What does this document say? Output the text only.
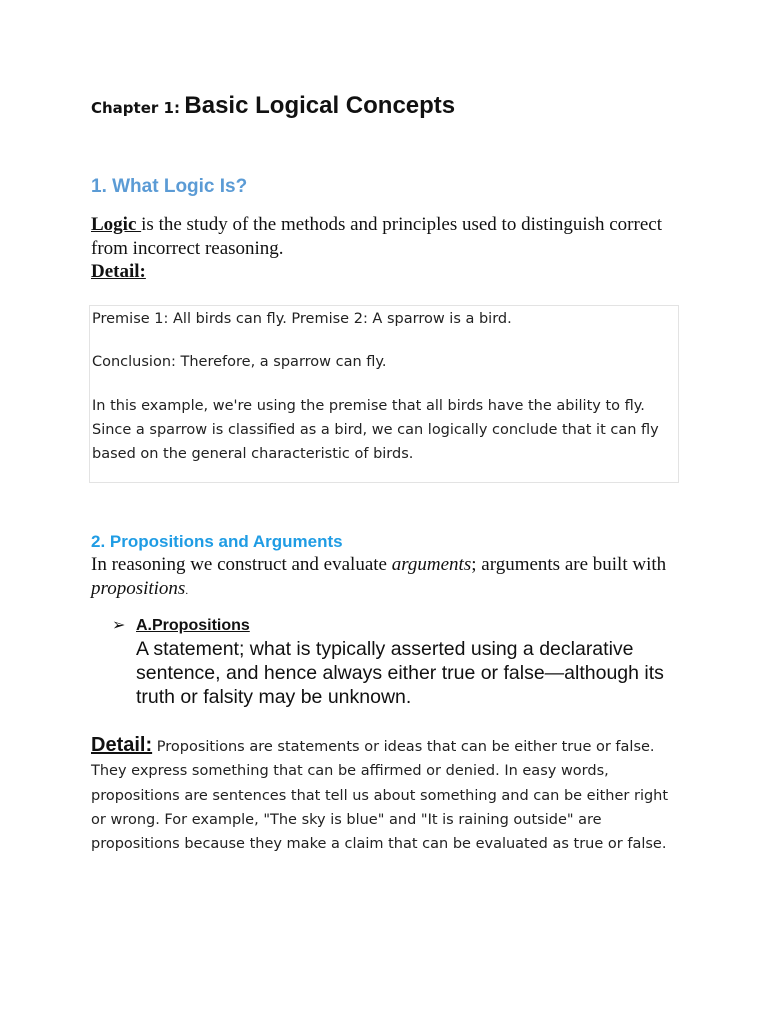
Chapter 1: Basic Logical Concepts
1. What Logic Is?

Logic is the study of the methods and principles used to distinguish correct from incorrect reasoning.

Detail:

Premise 1: All birds can fly. Premise 2: A sparrow is a bird.

Conclusion: Therefore, a sparrow can fly.

In this example, we're using the premise that all birds have the ability to fly. Since a sparrow is classified as a bird, we can logically conclude that it can fly based on the general characteristic of birds.

2. Propositions and Arguments

In reasoning we construct and evaluate arguments; arguments are built with propositions.

➢ A.Propositions

A statement; what is typically asserted using a declarative sentence, and hence always either true or false—although its truth or falsity may be unknown.

Detail: Propositions are statements or ideas that can be either true or false. They express something that can be affirmed or denied. In easy words, propositions are sentences that tell us about something and can be either right or wrong. For example, "The sky is blue" and "It is raining outside" are propositions because they make a claim that can be evaluated as true or false.
